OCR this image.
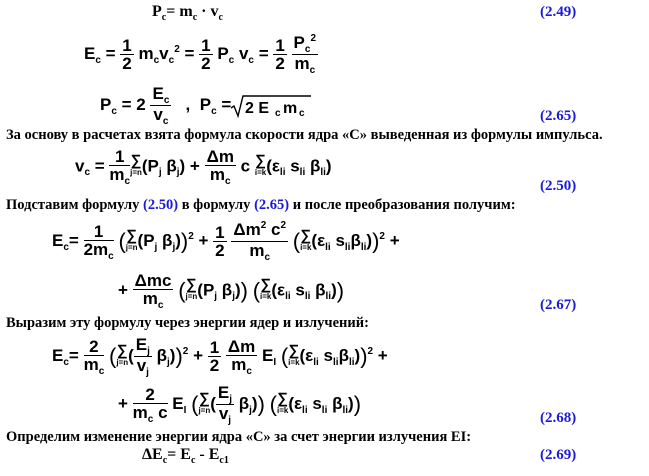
$P_c= m_c \cdot v_c$	(2.49)
$E_c = \frac{1}{2} m_cv_c^2 = \frac{1}{2} P_c$ $v_c = \frac{1}{2}$
$\frac{P_c^2}{m_c}$
$P_c = 2 \frac{E_c}{v_c}$ ,  $P_c = 2$ E c m c	(2.65)
За основу в расчетах взята формула скорости ядра «С» выведенная из формулы импульса.
$v_c = \frac{1}{m_c}$ ∑
j=n ($P_j$ $\beta_j) + \frac{\Delta m}{m_c}$ c ∑
i=k ($\varepsilon_{li}$ $s_{li}$ $\beta_{li}$)
(2.50)
Подставим формулу (2.50) в формулу (2.65) и после преобразования получим:
$E_c= \frac{1}{2m_c}$ ( ∑
j=n ($P_j$ $\beta_j))^2 + \frac{1}{2}$
$\frac{\Delta m^2 c^2}{m_c}$ ( ∑
i=k ($\varepsilon_{li}$ $s_{li}\beta_{li}))^2$ +
+ $\frac{\text{Δmc}}{m_c}$ ( ∑
j=n ($P_j$ $\beta_j$)) ( ∑
i=k ($\varepsilon_{li}$ $s_{li}$ $\beta_{li}$))
(2.67)
Выразим эту формулу через энергии ядер и излучений:
$E_c= \frac{2}{m_c}$ ( ∑
j=n ( $\frac{E_j}{v_j} \beta_j))^2 + \frac{1}{2}$
$\frac{\Delta m}{m_c} E_I$ ( ∑
i=k ($\varepsilon_{li}$ $s_{li}\beta_{li}))^2$ +
+ $\frac{2}{m_c c} E_I$ ( ∑
j=n ( $\frac{E_j}{v_j} \beta_j$)) ( ∑
i=k ($\varepsilon_{li}$ $s_{li}$ $\beta_{li}$))
(2.68)
Определим изменение энергии ядра «С» за счет энергии излучения EI:
$\Delta E_c= E_c - E_{c1}$	(2.69)
